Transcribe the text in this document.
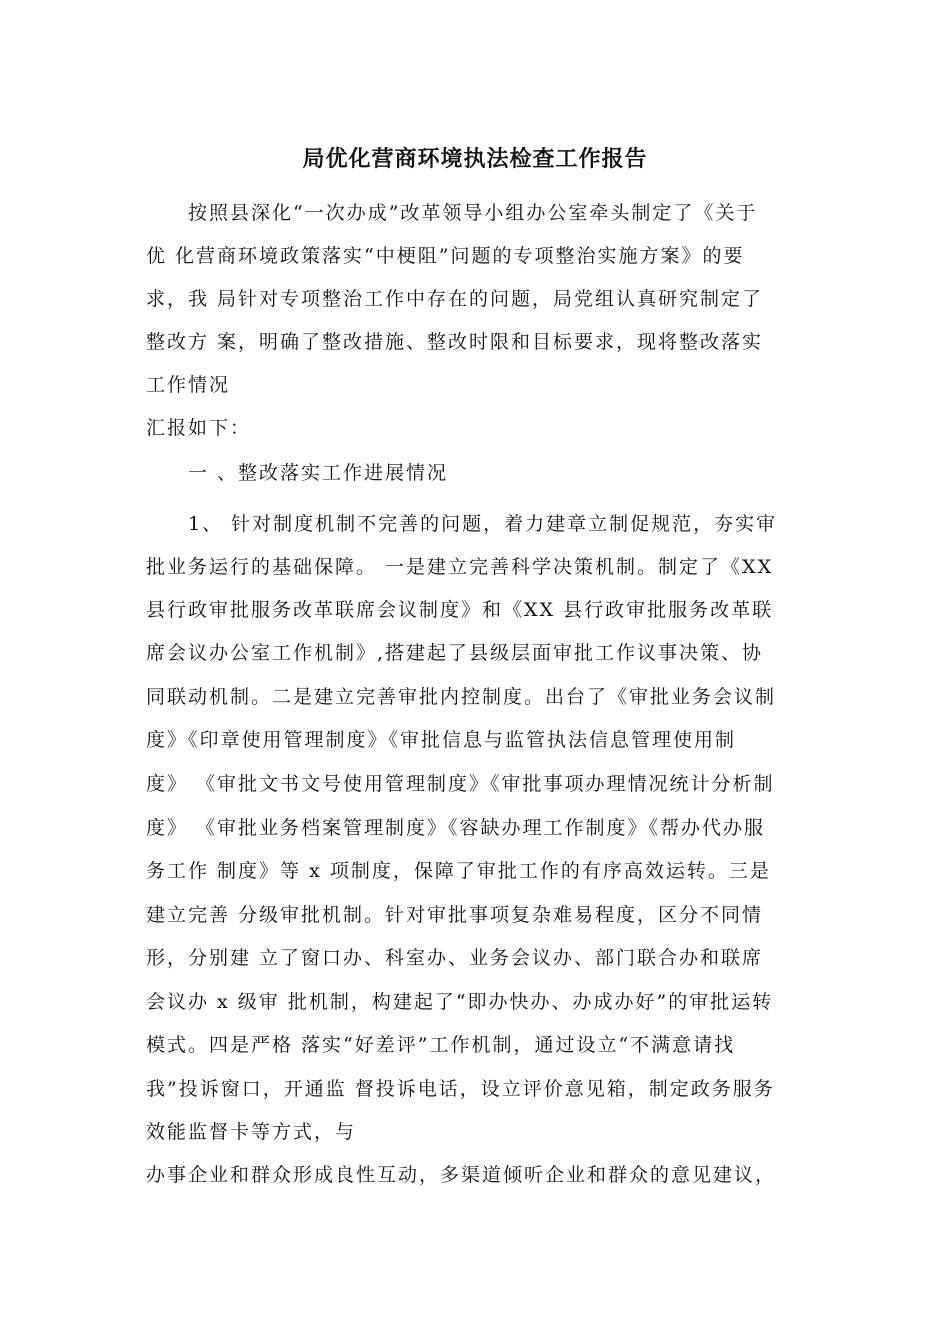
局优化营商环境执法检查工作报告
　　按照县深化“一次办成”改革领导小组办公室牵头制定了《关于
优 化营商环境政策落实“中梗阻”问题的专项整治实施方案》的要
求，我 局针对专项整治工作中存在的问题，局党组认真研究制定了
整改方 案，明确了整改措施、整改时限和目标要求，现将整改落实
工作情况
汇报如下：
　　一 、整改落实工作进展情况
　　1、 针对制度机制不完善的问题，着力建章立制促规范，夯实审
批业务运行的基础保障。 一是建立完善科学决策机制。制定了《XX
县行政审批服务改革联席会议制度》和《XX 县行政审批服务改革联
席会议办公室工作机制》,搭建起了县级层面审批工作议事决策、协
同联动机制。二是建立完善审批内控制度。出台了《审批业务会议制
度》《印章使用管理制度》《审批信息与监管执法信息管理使用制
度》 《审批文书文号使用管理制度》《审批事项办理情况统计分析制
度》 《审批业务档案管理制度》《容缺办理工作制度》《帮办代办服
务工作 制度》等 x 项制度，保障了审批工作的有序高效运转。三是
建立完善 分级审批机制。针对审批事项复杂难易程度，区分不同情
形，分别建 立了窗口办、科室办、业务会议办、部门联合办和联席
会议办 x 级审 批机制，构建起了“即办快办、办成办好”的审批运转
模式。四是严格 落实“好差评”工作机制，通过设立“不满意请找
我”投诉窗口，开通监 督投诉电话，设立评价意见箱，制定政务服务
效能监督卡等方式，与
办事企业和群众形成良性互动，多渠道倾听企业和群众的意见建议，
